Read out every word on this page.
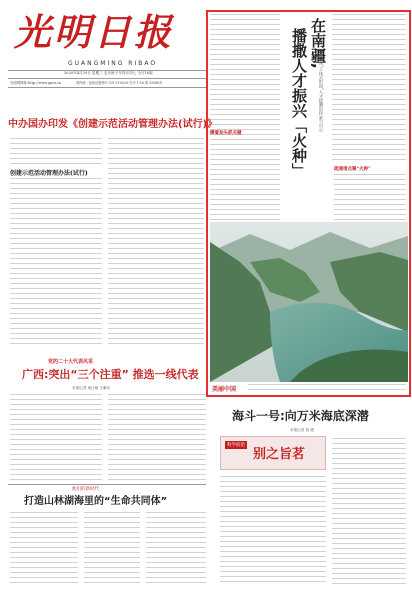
光明日报
GUANGMING RIBAO
2020年4月29日 星期三 农历庚子年四月初七 今日16版
光明网网址:http://www.gmw.cn	国内统一连续出版物号 CN 11-0026 代号 1-16 第 25088号
中办国办印发《创建示范活动管理办法(试行)》
创建示范活动管理办法(试行)
党的二十大代表风采
广西:突出“三个注重” 推选一线代表
本报记者 周仕敏 王紫东
他们的新时代
打造山林湖海里的“生命共同体”
在南疆,
播撒人才振兴「火种」	——山东“立体式组团”人才援疆的探索与启示
攒着劲头抓关键
疏通堵点聚“火种”
美丽中国
海斗一号:向万米海底深潜
本报记者 詹 媛
科学前沿
别之旨茗
